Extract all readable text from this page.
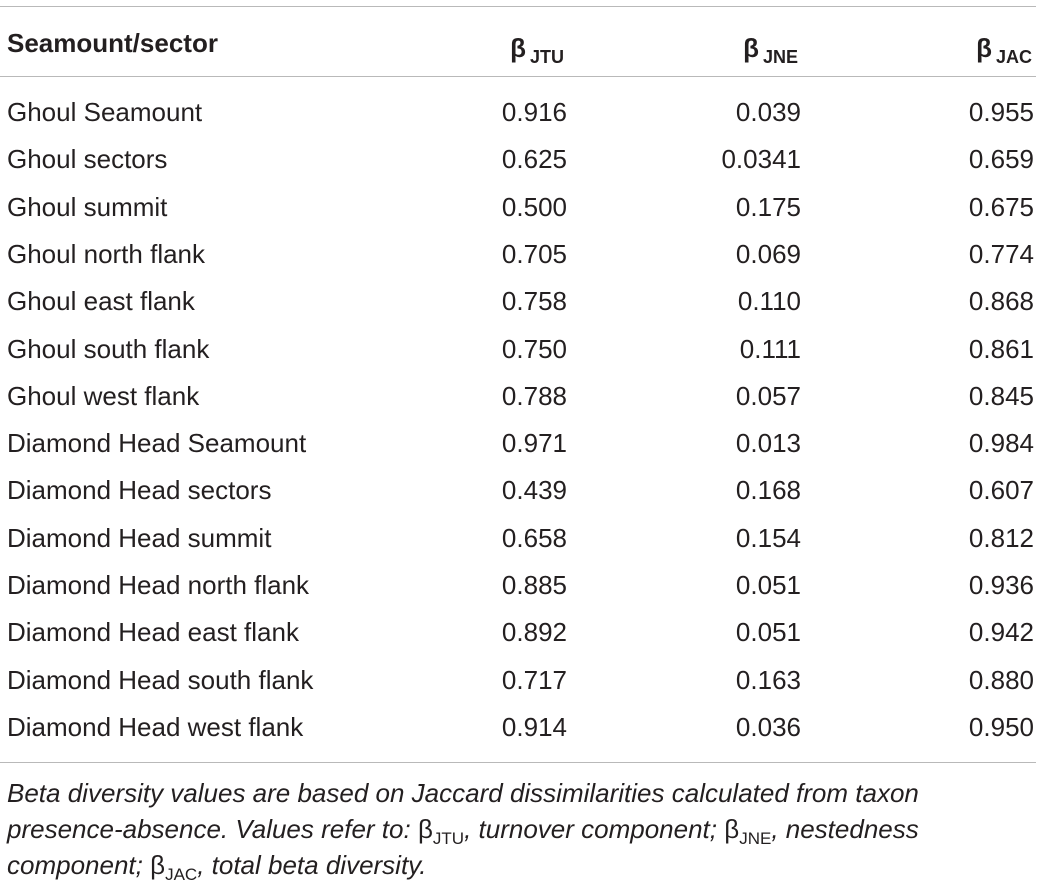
Seamount/sector	β $_{JTU}$	β $_{JNE}$	β $_{JAC}$
Ghoul Seamount	0.916	0.039	0.955
Ghoul sectors	0.625	0.0341	0.659
Ghoul summit	0.500	0.175	0.675
Ghoul north flank	0.705	0.069	0.774
Ghoul east flank	0.758	0.110	0.868
Ghoul south flank	0.750	0.111	0.861
Ghoul west flank	0.788	0.057	0.845
Diamond Head Seamount	0.971	0.013	0.984
Diamond Head sectors	0.439	0.168	0.607
Diamond Head summit	0.658	0.154	0.812
Diamond Head north flank	0.885	0.051	0.936
Diamond Head east flank	0.892	0.051	0.942
Diamond Head south flank	0.717	0.163	0.880
Diamond Head west flank	0.914	0.036	0.950
Beta diversity values are based on Jaccard dissimilarities calculated from taxon
presence-absence. Values refer to: $\beta_{JTU}$, turnover component; $\beta_{JNE}$, nestedness
component; $\beta_{JAC}$, total beta diversity.
